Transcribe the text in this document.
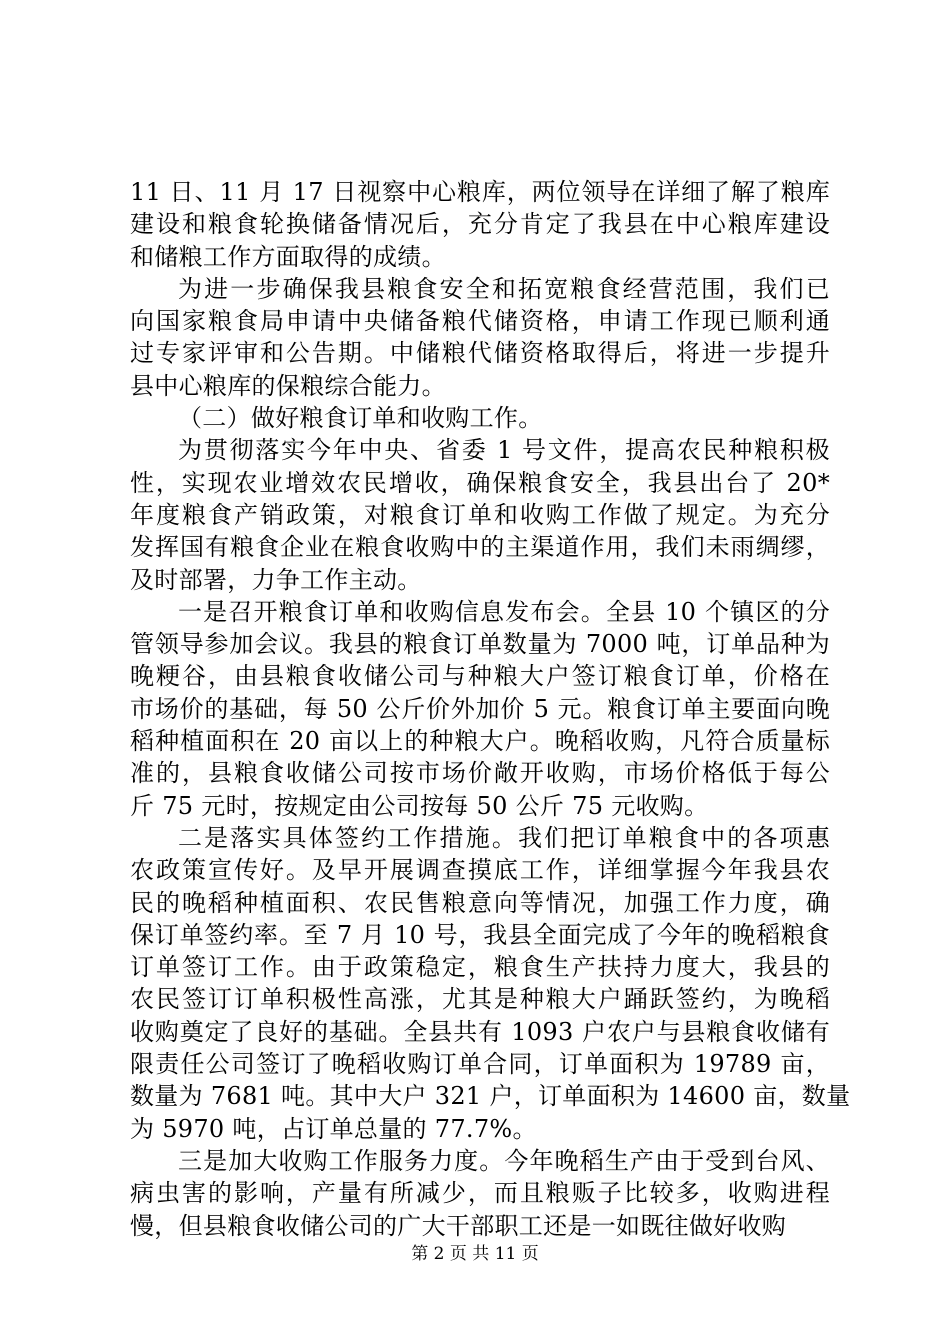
11 日、11 月 17 日视察中心粮库，两位领导在详细了解了粮库
建设和粮食轮换储备情况后，充分肯定了我县在中心粮库建设
和储粮工作方面取得的成绩。
为进一步确保我县粮食安全和拓宽粮食经营范围，我们已
向国家粮食局申请中央储备粮代储资格，申请工作现已顺利通
过专家评审和公告期。中储粮代储资格取得后，将进一步提升
县中心粮库的保粮综合能力。
（二）做好粮食订单和收购工作。
为贯彻落实今年中央、省委 1 号文件，提高农民种粮积极
性，实现农业增效农民增收，确保粮食安全，我县出台了 20*
年度粮食产销政策，对粮食订单和收购工作做了规定。为充分
发挥国有粮食企业在粮食收购中的主渠道作用，我们未雨绸缪，
及时部署，力争工作主动。
一是召开粮食订单和收购信息发布会。全县 10 个镇区的分
管领导参加会议。我县的粮食订单数量为 7000 吨，订单品种为
晚粳谷，由县粮食收储公司与种粮大户签订粮食订单，价格在
市场价的基础，每 50 公斤价外加价 5 元。粮食订单主要面向晚
稻种植面积在 20 亩以上的种粮大户。晚稻收购，凡符合质量标
准的，县粮食收储公司按市场价敞开收购，市场价格低于每公
斤 75 元时，按规定由公司按每 50 公斤 75 元收购。
二是落实具体签约工作措施。我们把订单粮食中的各项惠
农政策宣传好。及早开展调查摸底工作，详细掌握今年我县农
民的晚稻种植面积、农民售粮意向等情况，加强工作力度，确
保订单签约率。至 7 月 10 号，我县全面完成了今年的晚稻粮食
订单签订工作。由于政策稳定，粮食生产扶持力度大，我县的
农民签订订单积极性高涨，尤其是种粮大户踊跃签约，为晚稻
收购奠定了良好的基础。全县共有 1093 户农户与县粮食收储有
限责任公司签订了晚稻收购订单合同，订单面积为 19789 亩，
数量为 7681 吨。其中大户 321 户，订单面积为 14600 亩，数量
为 5970 吨，占订单总量的 77.7%。
三是加大收购工作服务力度。今年晚稻生产由于受到台风、
病虫害的影响，产量有所减少，而且粮贩子比较多，收购进程
慢，但县粮食收储公司的广大干部职工还是一如既往做好收购
第 2 页 共 11 页
